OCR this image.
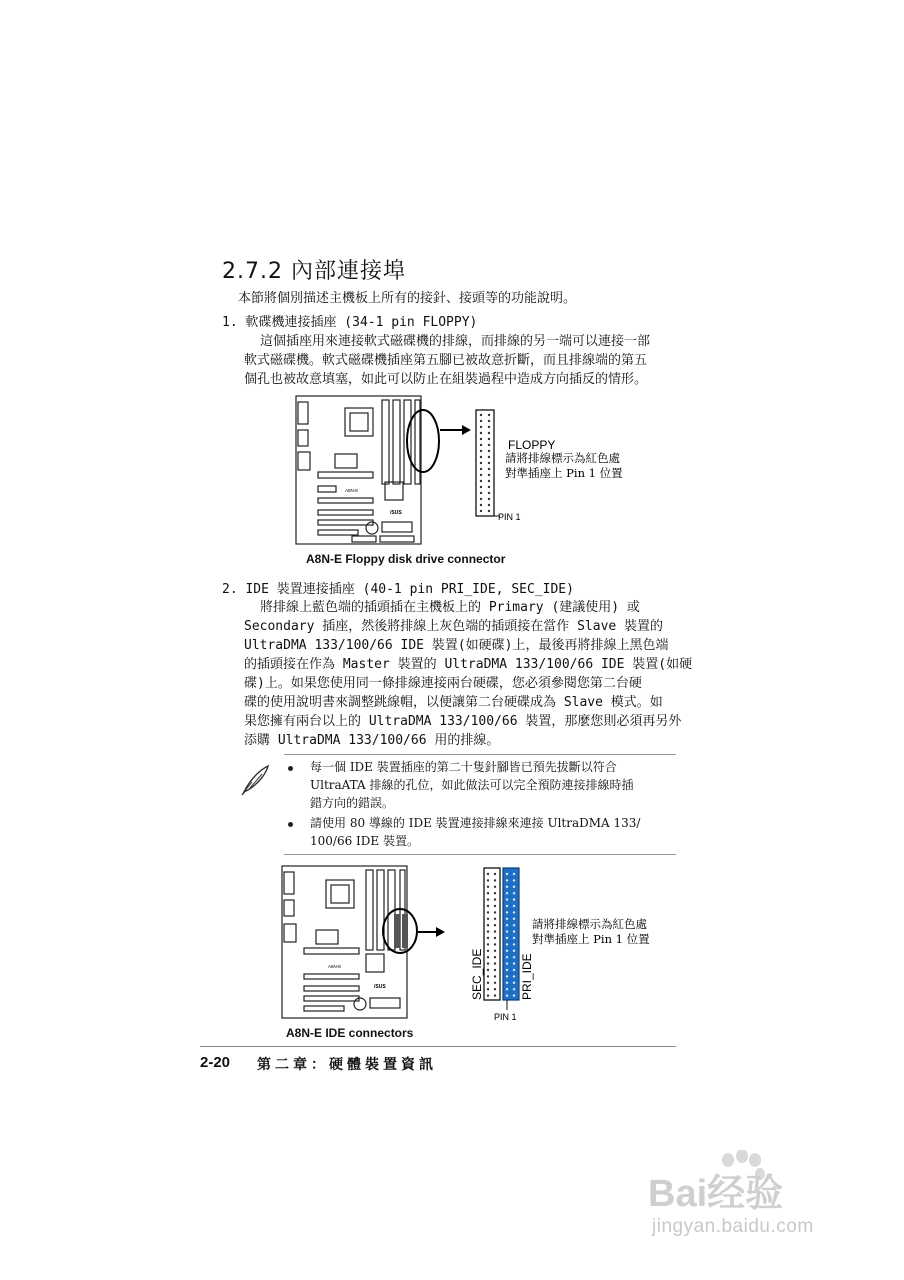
2.7.2 內部連接埠
本節將個別描述主機板上所有的接針、接頭等的功能說明。
1. 軟碟機連接插座 (34-1 pin FLOPPY)
這個插座用來連接軟式磁碟機的排線，而排線的另一端可以連接一部
軟式磁碟機。軟式磁碟機插座第五腳已被故意折斷，而且排線端的第五
個孔也被故意填塞，如此可以防止在組裝過程中造成方向插反的情形。
A8N-E
/SUS	PIN 1
FLOPPY
請將排線標示為紅色處
對準插座上 Pin 1 位置
A8N-E Floppy disk drive connector
2. IDE 裝置連接插座 (40-1 pin PRI_IDE, SEC_IDE)
將排線上藍色端的插頭插在主機板上的 Primary (建議使用) 或
Secondary 插座，然後將排線上灰色端的插頭接在當作 Slave 裝置的
UltraDMA 133/100/66 IDE 裝置(如硬碟)上，最後再將排線上黑色端
的插頭接在作為 Master 裝置的 UltraDMA 133/100/66 IDE 裝置(如硬
碟)上。如果您使用同一條排線連接兩台硬碟，您必須參閱您第二台硬
碟的使用說明書來調整跳線帽，以便讓第二台硬碟成為 Slave 模式。如
果您擁有兩台以上的 UltraDMA 133/100/66 裝置，那麼您則必須再另外
添購 UltraDMA 133/100/66 用的排線。
每一個 IDE 裝置插座的第二十隻針腳皆已預先拔斷以符合
UltraATA 排線的孔位，如此做法可以完全預防連接排線時插
錯方向的錯誤。
請使用 80 導線的 IDE 裝置連接排線來連接 UltraDMA 133/
100/66 IDE 裝置。
A8N-E
/SUS	SEC_IDE	PRI_IDE
PIN 1
請將排線標示為紅色處
對準插座上 Pin 1 位置
A8N-E IDE connectors
2-20 第二章：硬體裝置資訊
Bai经验
jingyan.baidu.com
